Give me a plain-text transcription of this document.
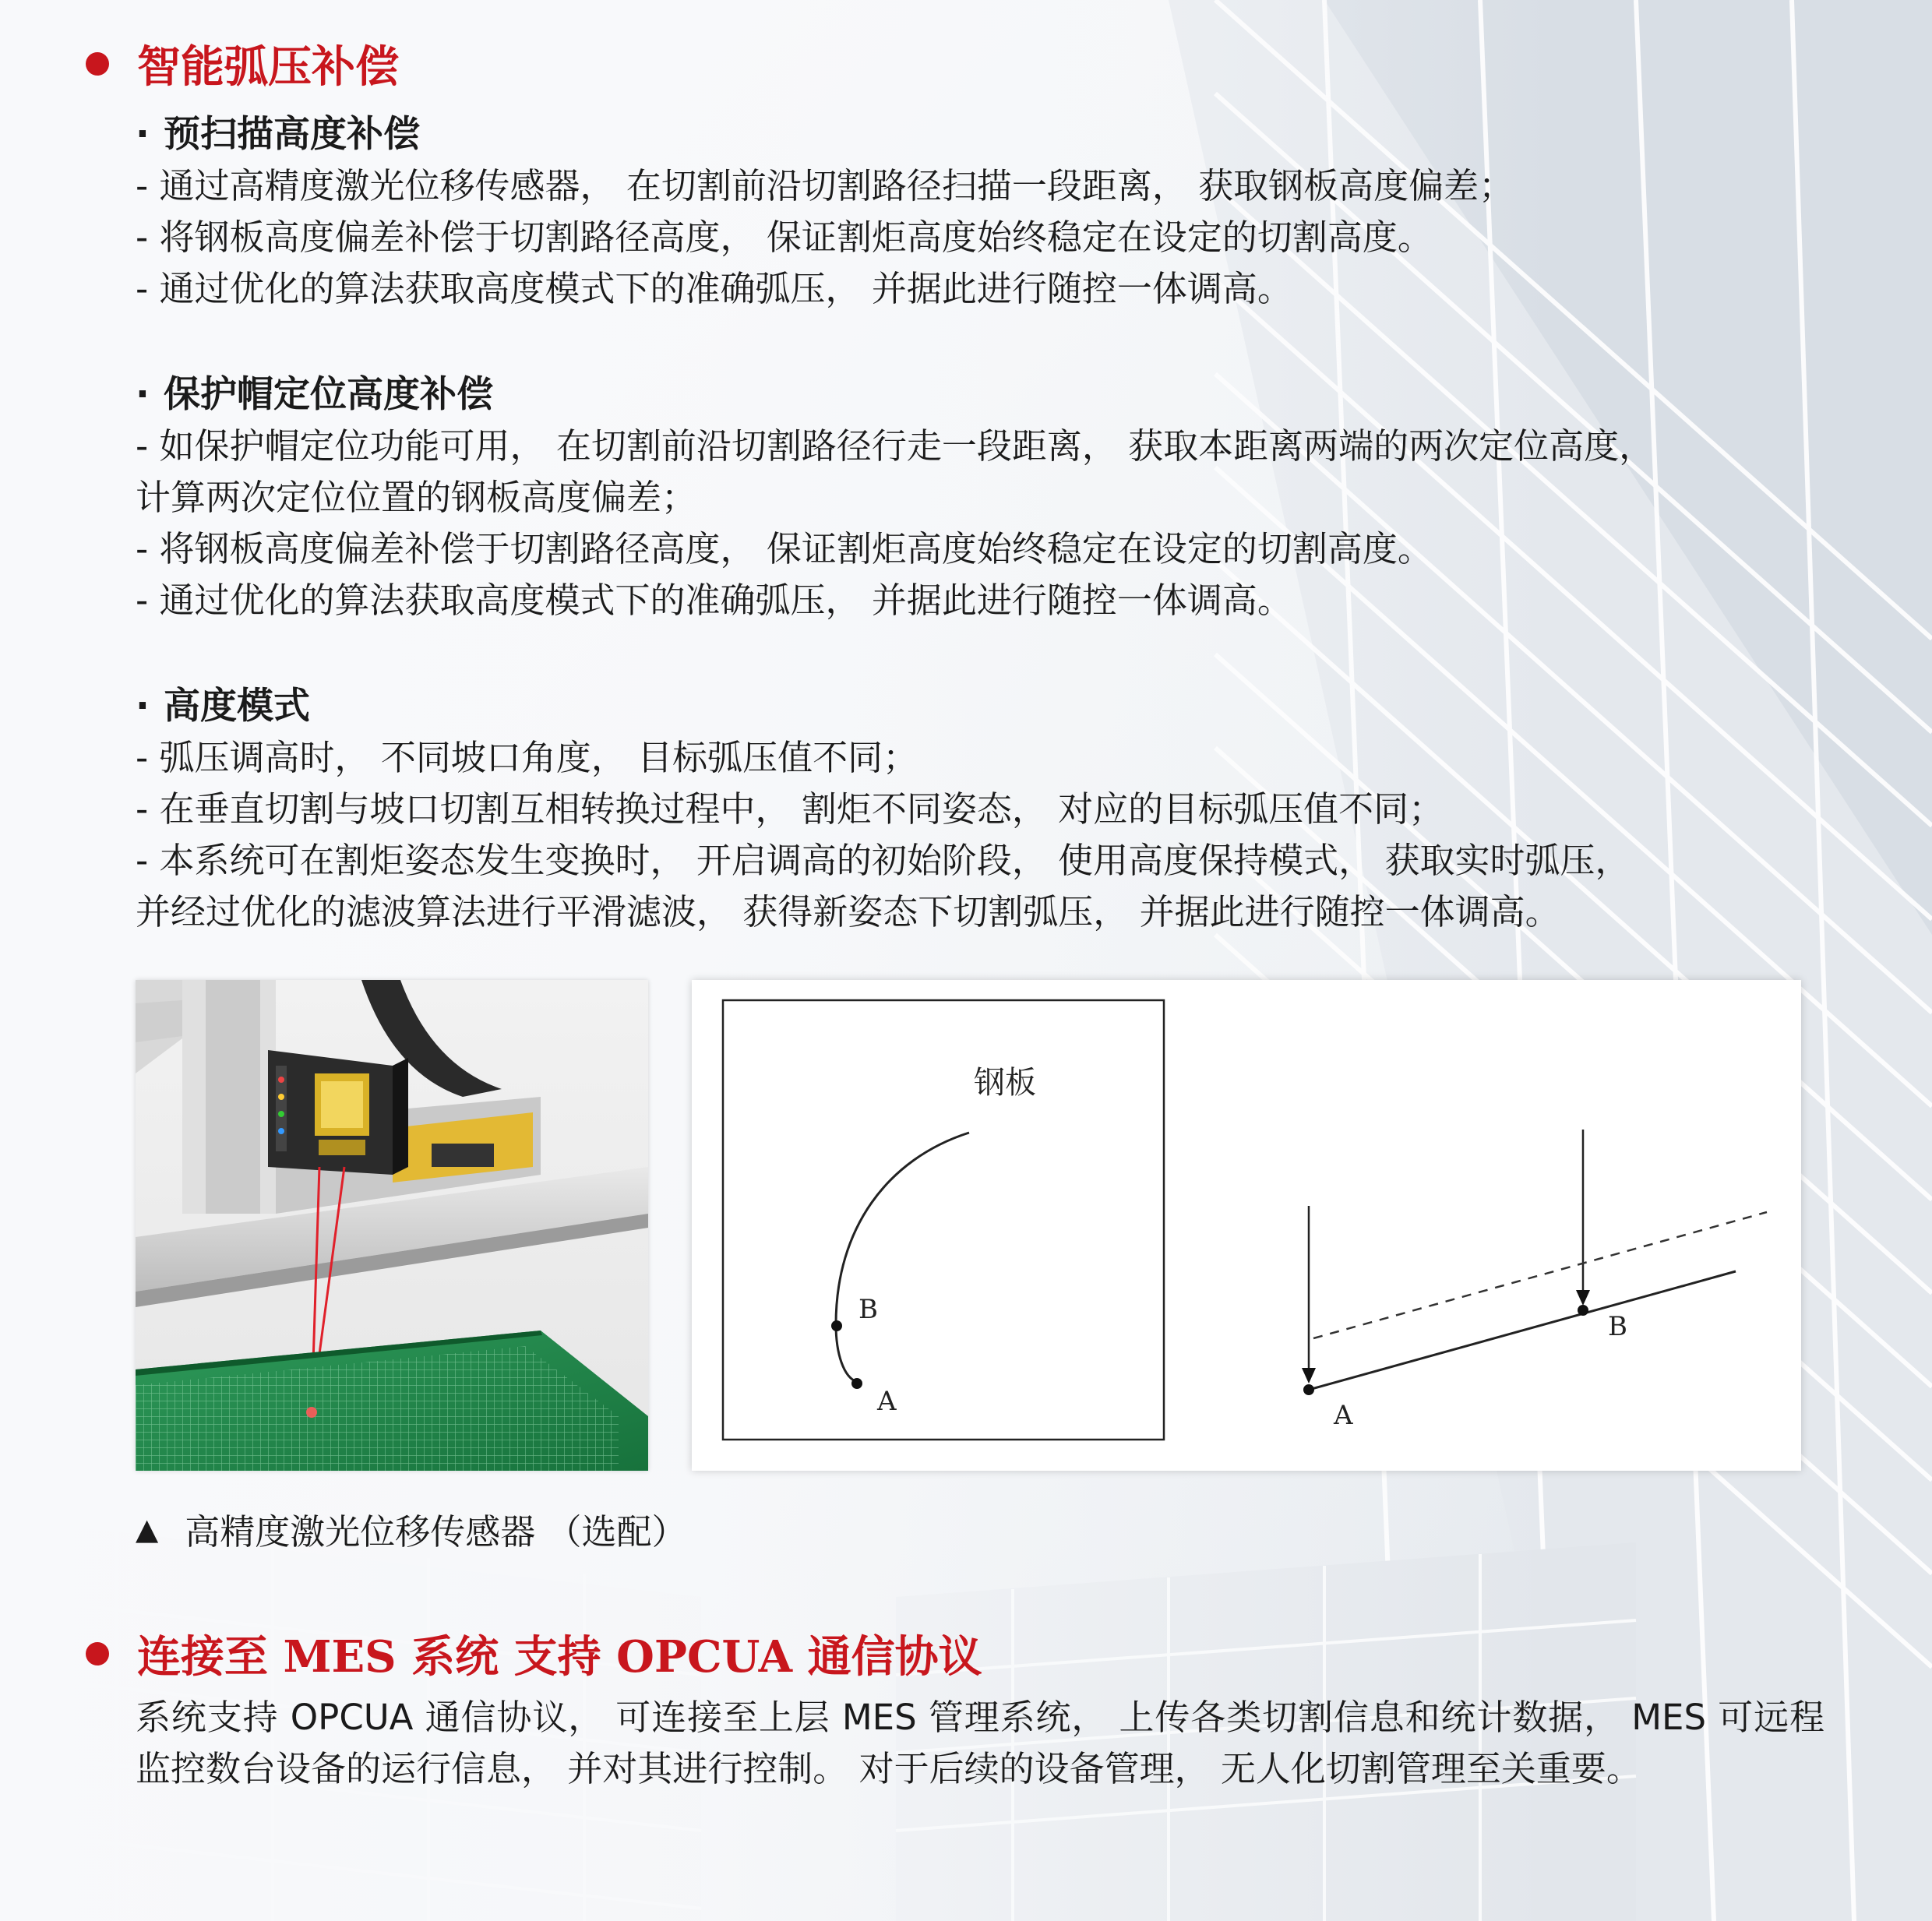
智能弧压补偿
· 预扫描高度补偿
- 通过高精度激光位移传感器， 在切割前沿切割路径扫描一段距离， 获取钢板高度偏差；
- 将钢板高度偏差补偿于切割路径高度， 保证割炬高度始终稳定在设定的切割高度。
- 通过优化的算法获取高度模式下的准确弧压， 并据此进行随控一体调高。
· 保护帽定位高度补偿
- 如保护帽定位功能可用， 在切割前沿切割路径行走一段距离， 获取本距离两端的两次定位高度，
计算两次定位位置的钢板高度偏差；
- 将钢板高度偏差补偿于切割路径高度， 保证割炬高度始终稳定在设定的切割高度。
- 通过优化的算法获取高度模式下的准确弧压， 并据此进行随控一体调高。
· 高度模式
- 弧压调高时， 不同坡口角度， 目标弧压值不同；
- 在垂直切割与坡口切割互相转换过程中， 割炬不同姿态， 对应的目标弧压值不同；
- 本系统可在割炬姿态发生变换时， 开启调高的初始阶段， 使用高度保持模式， 获取实时弧压，
并经过优化的滤波算法进行平滑滤波， 获得新姿态下切割弧压， 并据此进行随控一体调高。
钢板
B
A	A
B
▲ 高精度激光位移传感器 （选配）
连接至 MES 系统 支持 OPCUA 通信协议
系统支持 OPCUA 通信协议， 可连接至上层 MES 管理系统， 上传各类切割信息和统计数据， MES 可远程监控数台设备的运行信息， 并对其进行控制。 对于后续的设备管理， 无人化切割管理至关重要。
